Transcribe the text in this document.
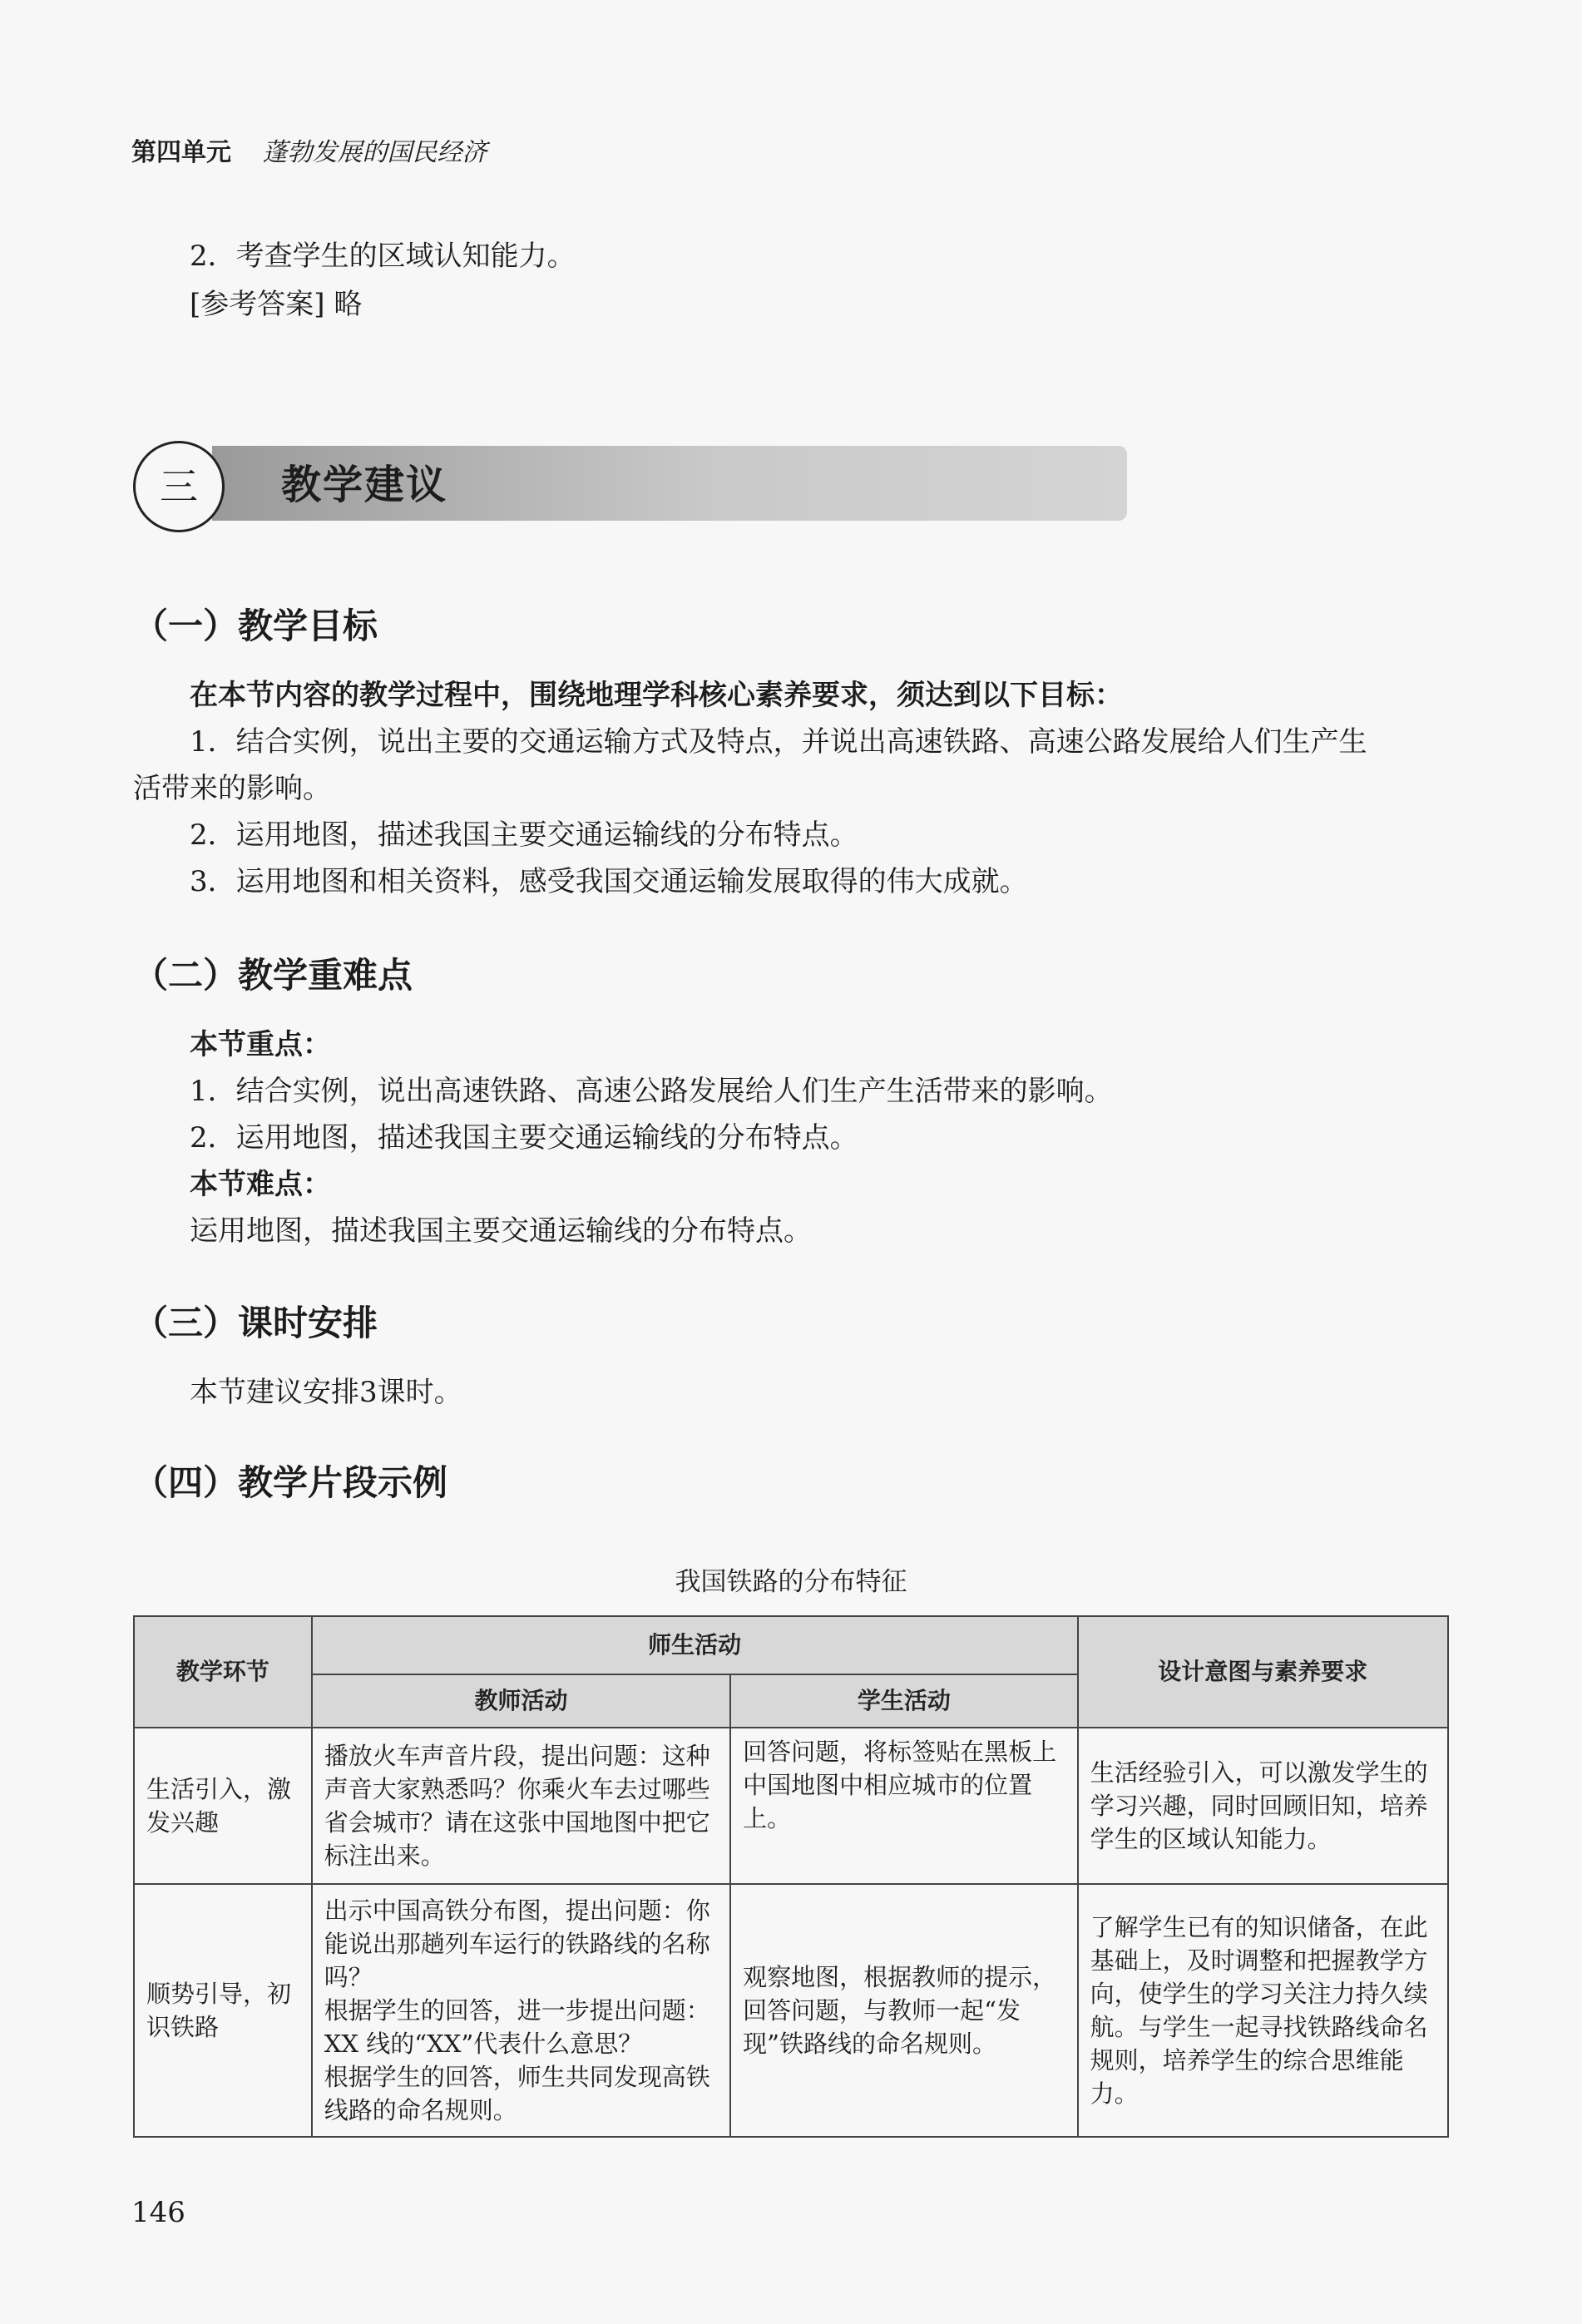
第四单元 蓬勃发展的国民经济
2．考查学生的区域认知能力。
[参考答案] 略
三	教学建议
（一）教学目标
在本节内容的教学过程中，围绕地理学科核心素养要求，须达到以下目标：
1．结合实例，说出主要的交通运输方式及特点，并说出高速铁路、高速公路发展给人们生产生
活带来的影响。
2．运用地图，描述我国主要交通运输线的分布特点。
3．运用地图和相关资料，感受我国交通运输发展取得的伟大成就。
（二）教学重难点
本节重点：
1．结合实例，说出高速铁路、高速公路发展给人们生产生活带来的影响。
2．运用地图，描述我国主要交通运输线的分布特点。
本节难点：
运用地图，描述我国主要交通运输线的分布特点。
（三）课时安排
本节建议安排3课时。
（四）教学片段示例
我国铁路的分布特征
教学环节	师生活动		设计意图与素养要求
	教师活动	学生活动	
生活引入，激发兴趣	播放火车声音片段，提出问题：这种声音大家熟悉吗？你乘火车去过哪些省会城市？请在这张中国地图中把它标注出来。	回答问题，将标签贴在黑板上中国地图中相应城市的位置上。	生活经验引入，可以激发学生的学习兴趣，同时回顾旧知，培养学生的区域认知能力。
顺势引导，初识铁路	出示中国高铁分布图，提出问题：你能说出那趟列车运行的铁路线的名称吗？
根据学生的回答，进一步提出问题：XX 线的“XX”代表什么意思？
根据学生的回答，师生共同发现高铁线路的命名规则。	观察地图，根据教师的提示，回答问题，与教师一起“发现”铁路线的命名规则。	了解学生已有的知识储备，在此基础上，及时调整和把握教学方向，使学生的学习关注力持久续航。与学生一起寻找铁路线命名规则，培养学生的综合思维能力。
146
